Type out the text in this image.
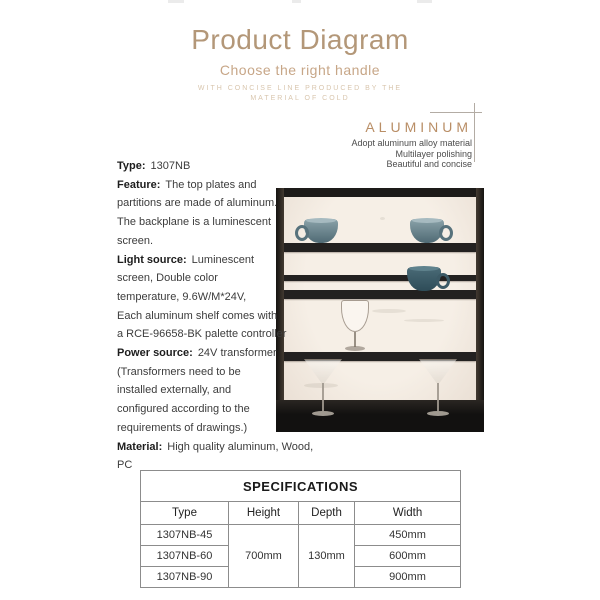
Product Diagram
Choose the right handle
WITH CONCISE LINE PRODUCED BY THE
MATERIAL OF COLD
ALUMINUM
Adopt aluminum alloy material
Multilayer polishing
Beautiful and concise

Type: 1307NB

Feature: The top plates and

partitions are made of aluminum.

The backplane is a luminescent

screen.

Light source: Luminescent

screen, Double color

temperature, 9.6W/M*24V,

Each aluminum shelf comes with

a RCE-96658-BK palette controller

Power source: 24V transformer

(Transformers need to be

installed externally, and

configured according to the

requirements of drawings.)

Material: High quality aluminum, Wood, PC

SPECIFICATIONS			
Type	Height	Depth	Width
1307NB-45	700mm	130mm	450mm
1307NB-60			600mm
1307NB-90			900mm
